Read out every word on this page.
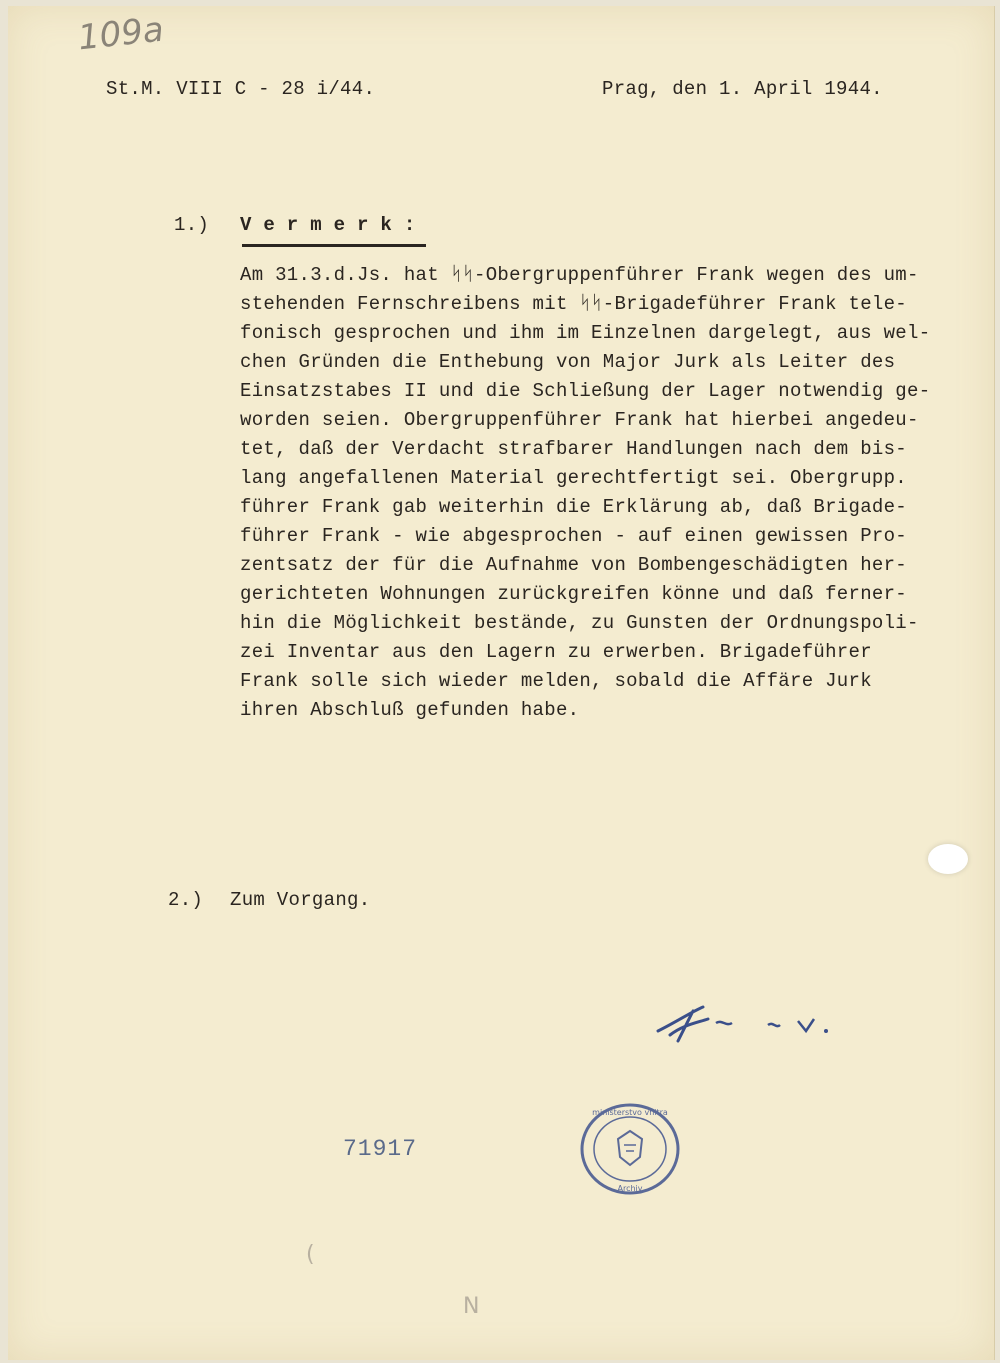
109a
St.M. VIII C - 28 i/44.	Prag, den 1. April 1944.
1.) V e r m e r k :
Am 31.3.d.Js. hat ᛋᛋ-Obergruppenführer Frank wegen des um-
stehenden Fernschreibens mit ᛋᛋ-Brigadeführer Frank tele-
fonisch gesprochen und ihm im Einzelnen dargelegt, aus wel-
chen Gründen die Enthebung von Major Jurk als Leiter des
Einsatzstabes II und die Schließung der Lager notwendig ge-
worden seien. Obergruppenführer Frank hat hierbei angedeu-
tet, daß der Verdacht strafbarer Handlungen nach dem bis-
lang angefallenen Material gerechtfertigt sei. Obergrupp.
führer Frank gab weiterhin die Erklärung ab, daß Brigade-
führer Frank - wie abgesprochen - auf einen gewissen Pro-
zentsatz der für die Aufnahme von Bombengeschädigten her-
gerichteten Wohnungen zurückgreifen könne und daß ferner-
hin die Möglichkeit bestände, zu Gunsten der Ordnungspoli-
zei Inventar aus den Lagern zu erwerben. Brigadeführer
Frank solle sich wieder melden, sobald die Affäre Jurk
ihren Abschluß gefunden habe.
2.) Zum Vorgang.
71917
ministerstvo vnitra
Archiv
(
N
